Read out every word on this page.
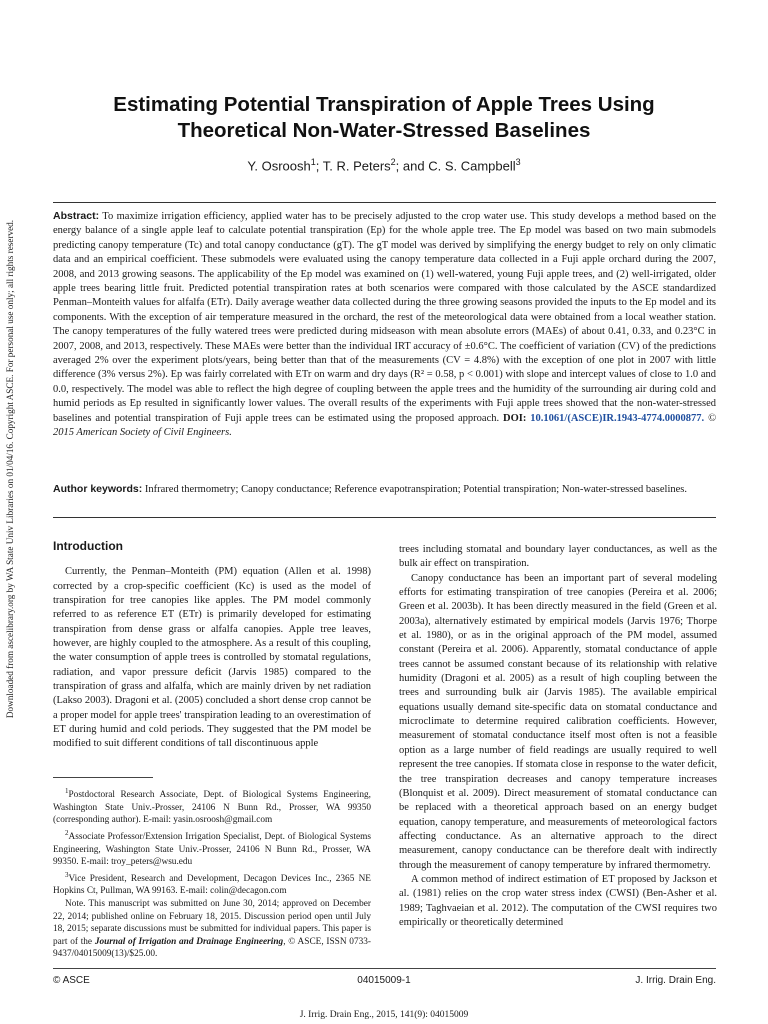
Downloaded from ascelibrary.org by WA State Univ Libraries on 01/04/16. Copyright ASCE. For personal use only; all rights reserved.
Estimating Potential Transpiration of Apple Trees Using Theoretical Non-Water-Stressed Baselines
Y. Osroosh$^1$; T. R. Peters$^2$; and C. S. Campbell$^3$
Abstract: To maximize irrigation efficiency, applied water has to be precisely adjusted to the crop water use. This study develops a method based on the energy balance of a single apple leaf to calculate potential transpiration (Ep) for the whole apple tree. The Ep model was based on two main submodels predicting canopy temperature (Tc) and total canopy conductance (gT). The gT model was derived by simplifying the energy budget to rely on only climatic data and an empirical coefficient. These submodels were evaluated using the canopy temperature data collected in a Fuji apple orchard during the 2007, 2008, and 2013 growing seasons. The applicability of the Ep model was examined on (1) well-watered, young Fuji apple trees, and (2) well-irrigated, older apple trees bearing little fruit. Predicted potential transpiration rates at both scenarios were compared with those calculated by the ASCE standardized Penman–Monteith values for alfalfa (ETr). Daily average weather data collected during the three growing seasons provided the inputs to the Ep model and its components. With the exception of air temperature measured in the orchard, the rest of the meteorological data were obtained from a local weather station. The canopy temperatures of the fully watered trees were predicted during midseason with mean absolute errors (MAEs) of about 0.41, 0.33, and 0.23°C in 2007, 2008, and 2013, respectively. These MAEs were better than the individual IRT accuracy of ±0.6°C. The coefficient of variation (CV) of the predictions averaged 2% over the experiment plots/years, being better than that of the measurements (CV = 4.8%) with the exception of one plot in 2007 with little difference (3% versus 2%). Ep was fairly correlated with ETr on warm and dry days (R² = 0.58, p < 0.001) with slope and intercept values of close to 1.0 and 0.0, respectively. The model was able to reflect the high degree of coupling between the apple trees and the humidity of the surrounding air during cold and humid periods as Ep resulted in significantly lower values. The overall results of the experiments with Fuji apple trees showed that the non-water-stressed baselines and potential transpiration of Fuji apple trees can be estimated using the proposed approach. DOI: 10.1061/(ASCE)IR.1943-4774.0000877. © 2015 American Society of Civil Engineers.
Author keywords: Infrared thermometry; Canopy conductance; Reference evapotranspiration; Potential transpiration; Non-water-stressed baselines.
Introduction

Currently, the Penman–Monteith (PM) equation (Allen et al. 1998) corrected by a crop-specific coefficient (Kc) is used as the model of transpiration for tree canopies like apples. The PM model commonly referred to as reference ET (ETr) is primarily developed for estimating transpiration from dense grass or alfalfa canopies. Apple tree leaves, however, are highly coupled to the atmosphere. As a result of this coupling, the water consumption of apple trees is controlled by stomatal regulations, radiation, and vapor pressure deficit (Jarvis 1985) compared to the transpiration of grass and alfalfa, which are mainly driven by net radiation (Lakso 2003). Dragoni et al. (2005) concluded a short dense crop cannot be a proper model for apple trees' transpiration leading to an overestimation of ET during humid and cold periods. They suggested that the PM model be modified to suit different conditions of tall discontinuous apple

trees including stomatal and boundary layer conductances, as well as the bulk air effect on transpiration.

Canopy conductance has been an important part of several modeling efforts for estimating transpiration of tree canopies (Pereira et al. 2006; Green et al. 2003b). It has been directly measured in the field (Green et al. 2003a), alternatively estimated by empirical models (Jarvis 1976; Thorpe et al. 1980), or as in the original approach of the PM model, assumed constant (Pereira et al. 2006). Apparently, stomatal conductance of apple trees cannot be assumed constant because of its relationship with relative humidity (Dragoni et al. 2005) as a result of high coupling between the trees and surrounding bulk air (Jarvis 1985). The available empirical equations usually demand site-specific data on stomatal conductance and microclimate to determine required calibration coefficients. However, measurement of stomatal conductance itself most often is not a feasible option as a large number of field readings are usually required to well represent the tree canopies. If stomata close in response to the water deficit, the tree transpiration decreases and canopy temperature increases (Blonquist et al. 2009). Direct measurement of stomatal conductance can be replaced with a theoretical approach based on an energy budget equation, canopy temperature, and measurements of meteorological factors affecting conductance. As an alternative approach to the direct measurement, canopy conductance can be therefore dealt with indirectly through the measurement of canopy temperature by infrared thermometry.

A common method of indirect estimation of ET proposed by Jackson et al. (1981) relies on the crop water stress index (CWSI) (Ben-Asher et al. 1989; Taghvaeian et al. 2012). The computation of the CWSI requires two empirically or theoretically determined

$^1$Postdoctoral Research Associate, Dept. of Biological Systems Engineering, Washington State Univ.-Prosser, 24106 N Bunn Rd., Prosser, WA 99350 (corresponding author). E-mail: yasin.osroosh@gmail.com

$^2$Associate Professor/Extension Irrigation Specialist, Dept. of Biological Systems Engineering, Washington State Univ.-Prosser, 24106 N Bunn Rd., Prosser, WA 99350. E-mail: troy_peters@wsu.edu

$^3$Vice President, Research and Development, Decagon Devices Inc., 2365 NE Hopkins Ct, Pullman, WA 99163. E-mail: colin@decagon.com

Note. This manuscript was submitted on June 30, 2014; approved on December 22, 2014; published online on February 18, 2015. Discussion period open until July 18, 2015; separate discussions must be submitted for individual papers. This paper is part of the Journal of Irrigation and Drainage Engineering, © ASCE, ISSN 0733-9437/04015009(13)/$25.00.

© ASCE	04015009-1	J. Irrig. Drain Eng.
J. Irrig. Drain Eng., 2015, 141(9): 04015009
